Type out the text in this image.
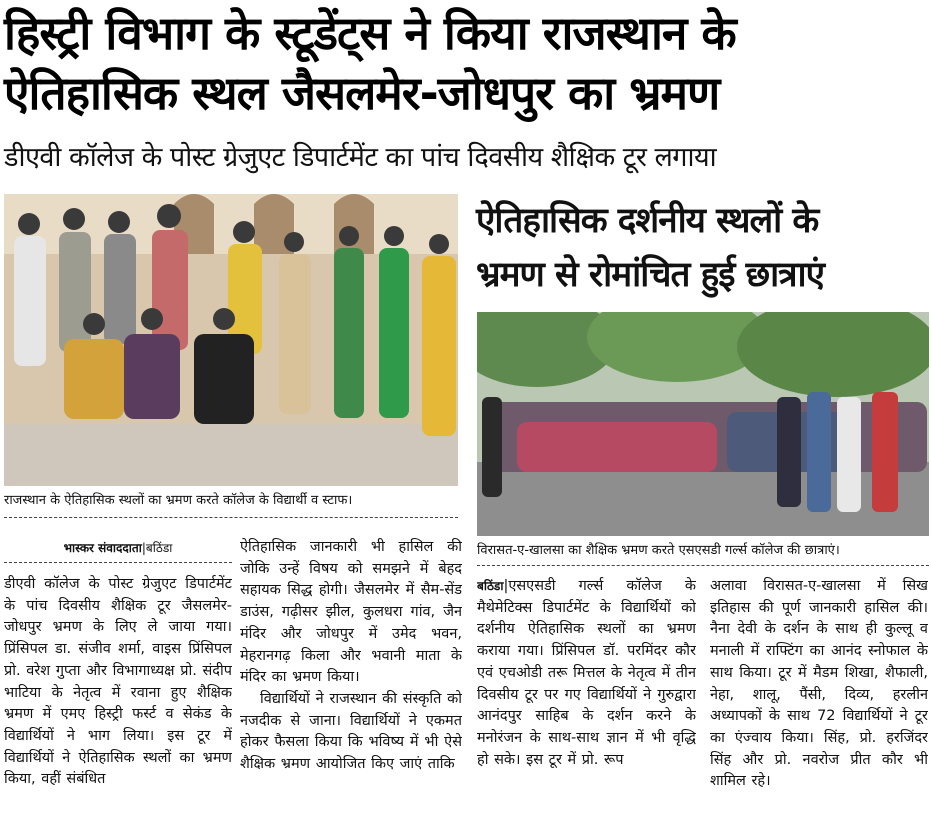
हिस्ट्री विभाग के स्टूडेंट्स ने किया राजस्थान के
ऐतिहासिक स्थल जैसलमेर-जोधपुर का भ्रमण
डीएवी कॉलेज के पोस्ट ग्रेजुएट डिपार्टमेंट का पांच दिवसीय शैक्षिक टूर लगाया
ऐतिहासिक दर्शनीय स्थलों के
भ्रमण से रोमांचित हुई छात्राएं
राजस्थान के ऐतिहासिक स्थलों का भ्रमण करते कॉलेज के विद्यार्थी व स्टाफ।
विरासत-ए-खालसा का शैक्षिक भ्रमण करते एसएसडी गर्ल्स कॉलेज की छात्राएं।
भास्कर संवाददाता|बठिंडा

डीएवी कॉलेज के पोस्ट ग्रेजुएट डिपार्टमेंट के पांच दिवसीय शैक्षिक टूर जैसलमेर-जोधपुर भ्रमण के लिए ले जाया गया। प्रिंसिपल डा. संजीव शर्मा, वाइस प्रिंसिपल प्रो. वरेश गुप्ता और विभागाध्यक्ष प्रो. संदीप भाटिया के नेतृत्व में रवाना हुए शैक्षिक भ्रमण में एमए हिस्ट्री फर्स्ट व सेकंड के विद्यार्थियों ने भाग लिया। इस टूर में विद्यार्थियों ने ऐतिहासिक स्थलों का भ्रमण किया, वहीं संबंधित

ऐतिहासिक जानकारी भी हासिल की जोकि उन्हें विषय को समझने में बेहद सहायक सिद्ध होगी। जैसलमेर में सैम-सेंड डाउंस, गढ़ीसर झील, कुलधरा गांव, जैन मंदिर और जोधपुर में उमेद भवन, मेहरानगढ़ किला और भवानी माता के मंदिर का भ्रमण किया।

विद्यार्थियों ने राजस्थान की संस्कृति को नजदीक से जाना। विद्यार्थियों ने एकमत होकर फैसला किया कि भविष्य में भी ऐसे शैक्षिक भ्रमण आयोजित किए जाएं ताकि

बठिंडा|एसएसडी गर्ल्स कॉलेज के मैथेमेटिक्स डिपार्टमेंट के विद्यार्थियों को दर्शनीय ऐतिहासिक स्थलों का भ्रमण कराया गया। प्रिंसिपल डॉ. परमिंदर कौर एवं एचओडी तरू मित्तल के नेतृत्व में तीन दिवसीय टूर पर गए विद्यार्थियों ने गुरुद्वारा आनंदपुर साहिब के दर्शन करने के मनोरंजन के साथ-साथ ज्ञान में भी वृद्धि हो सके। इस टूर में प्रो. रूप

अलावा विरासत-ए-खालसा में सिख इतिहास की पूर्ण जानकारी हासिल की। नैना देवी के दर्शन के साथ ही कुल्लू व मनाली में राफ्टिंग का आनंद स्नोफाल के साथ किया। टूर में मैडम शिखा, शैफाली, नेहा, शालू, पैंसी, दिव्य, हरलीन अध्यापकों के साथ 72 विद्यार्थियों ने टूर का एंज्वाय किया। सिंह, प्रो. हरजिंदर सिंह और प्रो. नवरोज प्रीत कौर भी शामिल रहे।
